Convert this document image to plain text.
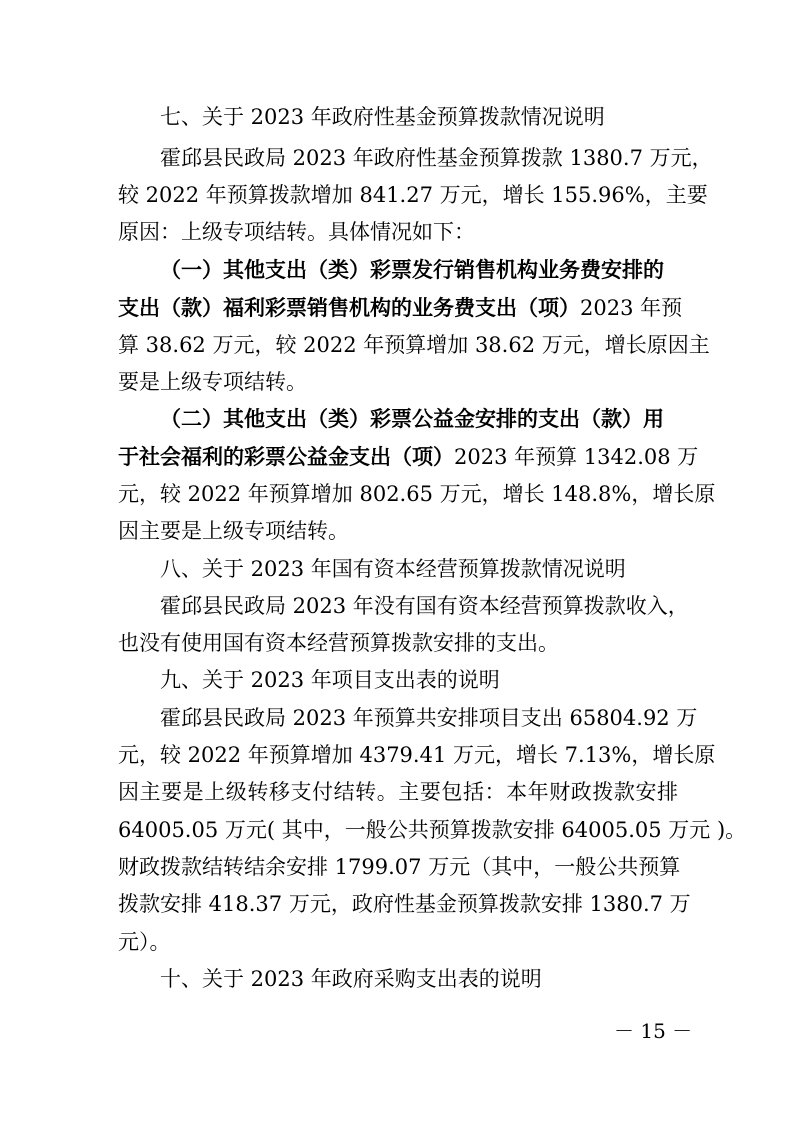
七、关于 2023 年政府性基金预算拨款情况说明
霍邱县民政局 2023 年政府性基金预算拨款 1380.7 万元，
较 2022 年预算拨款增加 841.27 万元，增长 155.96%，主要
原因：上级专项结转。具体情况如下：
（一）其他支出（类）彩票发行销售机构业务费安排的
支出（款）福利彩票销售机构的业务费支出（项）2023 年预
算 38.62 万元，较 2022 年预算增加 38.62 万元，增长原因主
要是上级专项结转。
（二）其他支出（类）彩票公益金安排的支出（款）用
于社会福利的彩票公益金支出（项）2023 年预算 1342.08 万
元，较 2022 年预算增加 802.65 万元，增长 148.8%，增长原
因主要是上级专项结转。
八、关于 2023 年国有资本经营预算拨款情况说明
霍邱县民政局 2023 年没有国有资本经营预算拨款收入，
也没有使用国有资本经营预算拨款安排的支出。
九、关于 2023 年项目支出表的说明
霍邱县民政局 2023 年预算共安排项目支出 65804.92 万
元，较 2022 年预算增加 4379.41 万元，增长 7.13%，增长原
因主要是上级转移支付结转。主要包括：本年财政拨款安排
64005.05 万元( 其中，一般公共预算拨款安排 64005.05 万元 )。
财政拨款结转结余安排 1799.07 万元（其中，一般公共预算
拨款安排 418.37 万元，政府性基金预算拨款安排 1380.7 万
元）。
十、关于 2023 年政府采购支出表的说明
－ 15 －
